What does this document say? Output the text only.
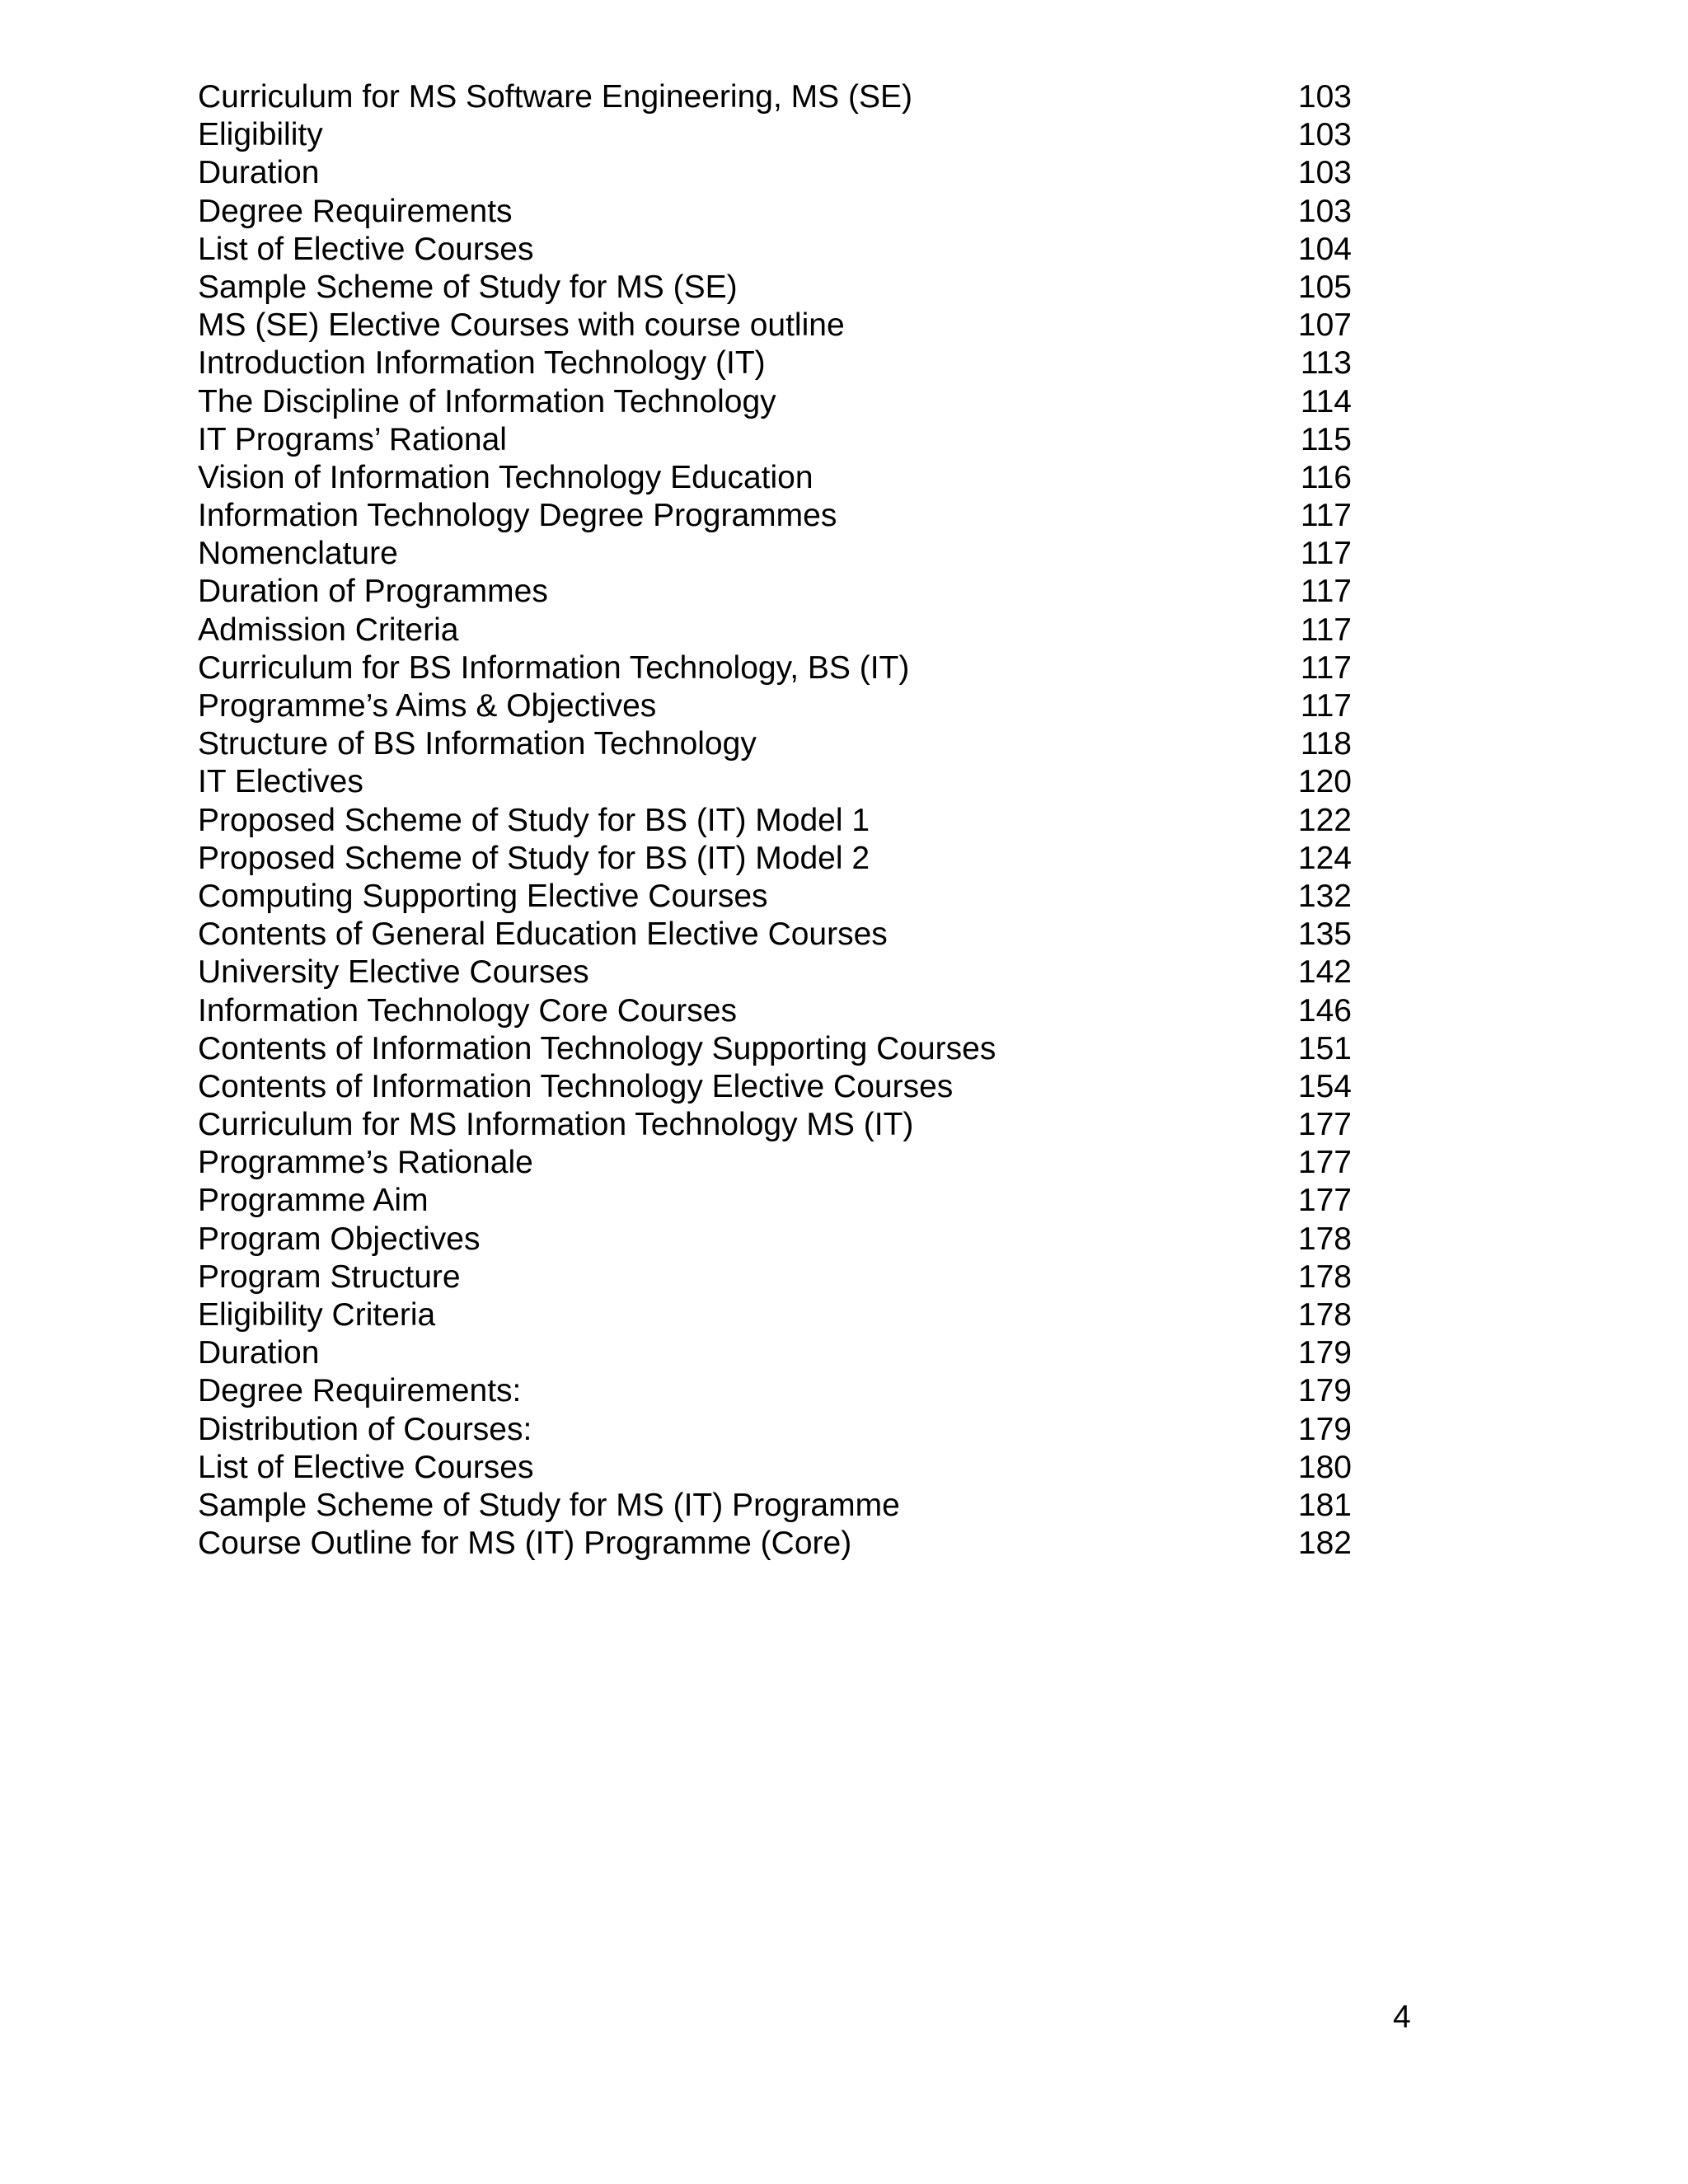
Curriculum for MS Software Engineering, MS (SE)	103
Eligibility	103
Duration	103
Degree Requirements	103
List of Elective Courses	104
Sample Scheme of Study for MS (SE)	105
MS (SE) Elective Courses with course outline	107
Introduction Information Technology (IT)	113
The Discipline of Information Technology	114
IT Programs’ Rational	115
Vision of Information Technology Education	116
Information Technology Degree Programmes	117
Nomenclature	117
Duration of Programmes	117
Admission Criteria	117
Curriculum for BS Information Technology, BS (IT)	117
Programme’s Aims & Objectives	117
Structure of BS Information Technology	118
IT Electives	120
Proposed Scheme of Study for BS (IT) Model 1	122
Proposed Scheme of Study for BS (IT) Model 2	124
Computing Supporting Elective Courses	132
Contents of General Education Elective Courses	135
University Elective Courses	142
Information Technology Core Courses	146
Contents of Information Technology Supporting Courses	151
Contents of Information Technology Elective Courses	154
Curriculum for MS Information Technology MS (IT)	177
Programme’s Rationale	177
Programme Aim	177
Program Objectives	178
Program Structure	178
Eligibility Criteria	178
Duration	179
Degree Requirements:	179
Distribution of Courses:	179
List of Elective Courses	180
Sample Scheme of Study for MS (IT) Programme	181
Course Outline for MS (IT) Programme (Core)	182
4
